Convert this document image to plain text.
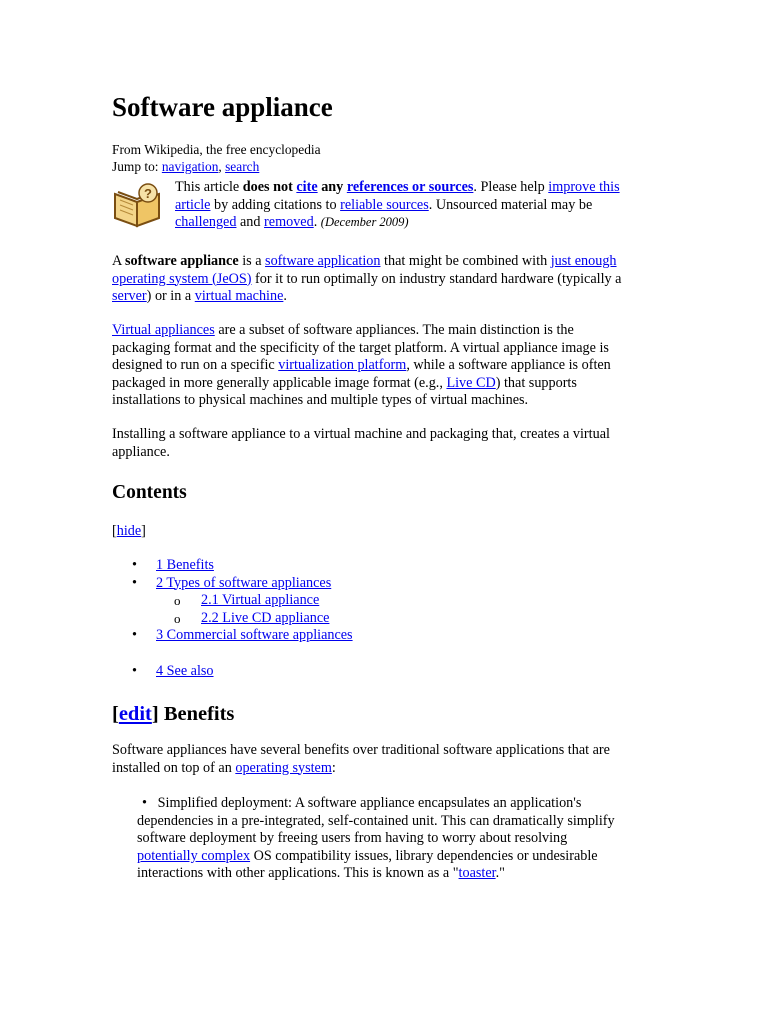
Software appliance
From Wikipedia, the free encyclopedia
Jump to: navigation, search
? This article does not cite any references or sources. Please help improve this
article by adding citations to reliable sources. Unsourced material may be
challenged and removed. (December 2009)
A software appliance is a software application that might be combined with just enough
operating system (JeOS) for it to run optimally on industry standard hardware (typically a
server) or in a virtual machine.
Virtual appliances are a subset of software appliances. The main distinction is the
packaging format and the specificity of the target platform. A virtual appliance image is
designed to run on a specific virtualization platform, while a software appliance is often
packaged in more generally applicable image format (e.g., Live CD) that supports
installations to physical machines and multiple types of virtual machines.
Installing a software appliance to a virtual machine and packaging that, creates a virtual
appliance.
Contents
[hide]
• 1 Benefits
• 2 Types of software appliances
o 2.1 Virtual appliance
o 2.2 Live CD appliance
• 3 Commercial software appliances
• 4 See also
[edit] Benefits
Software appliances have several benefits over traditional software applications that are
installed on top of an operating system:
• Simplified deployment: A software appliance encapsulates an application's
dependencies in a pre-integrated, self-contained unit. This can dramatically simplify
software deployment by freeing users from having to worry about resolving
potentially complex OS compatibility issues, library dependencies or undesirable
interactions with other applications. This is known as a "toaster."
